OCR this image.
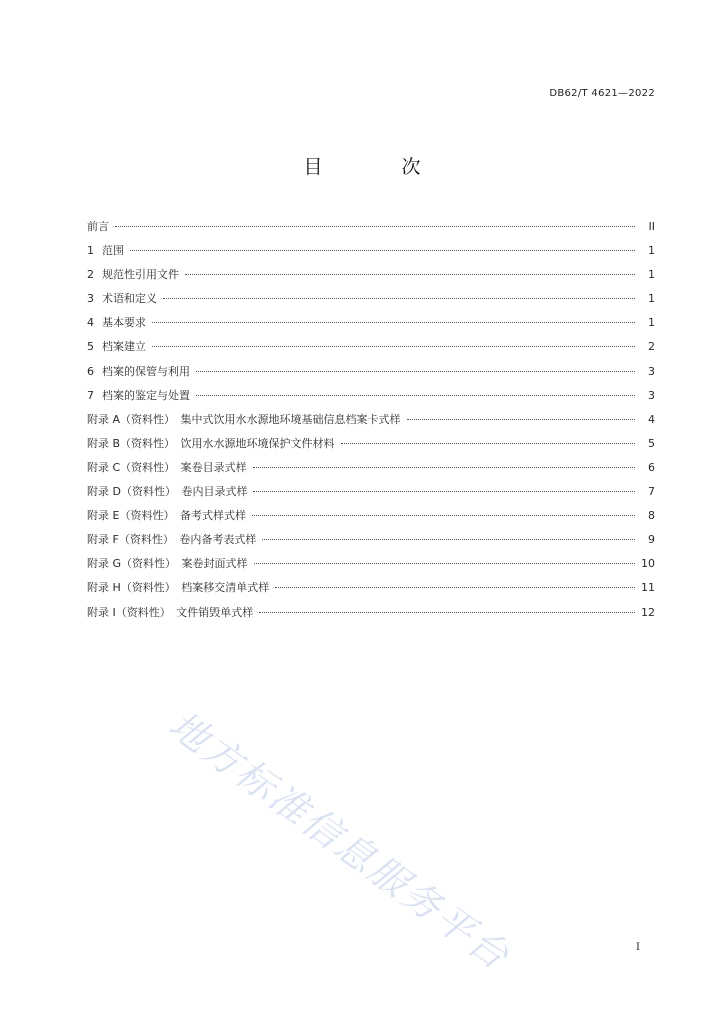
DB62/T 4621—2022
目　次
前言	II
1 范围	1
2 规范性引用文件	1
3 术语和定义	1
4 基本要求	1
5 档案建立	2
6 档案的保管与利用	3
7 档案的鉴定与处置	3
附录 A（资料性）　集中式饮用水水源地环境基础信息档案卡式样	4
附录 B（资料性）　饮用水水源地环境保护文件材料	5
附录 C（资料性）　案卷目录式样	6
附录 D（资料性）　卷内目录式样	7
附录 E（资料性）　备考式样式样	8
附录 F（资料性）　卷内备考表式样	9
附录 G（资料性）　案卷封面式样	10
附录 H（资料性）　档案移交清单式样	11
附录 I（资料性）　文件销毁单式样	12
地方标准信息服务平台	I
